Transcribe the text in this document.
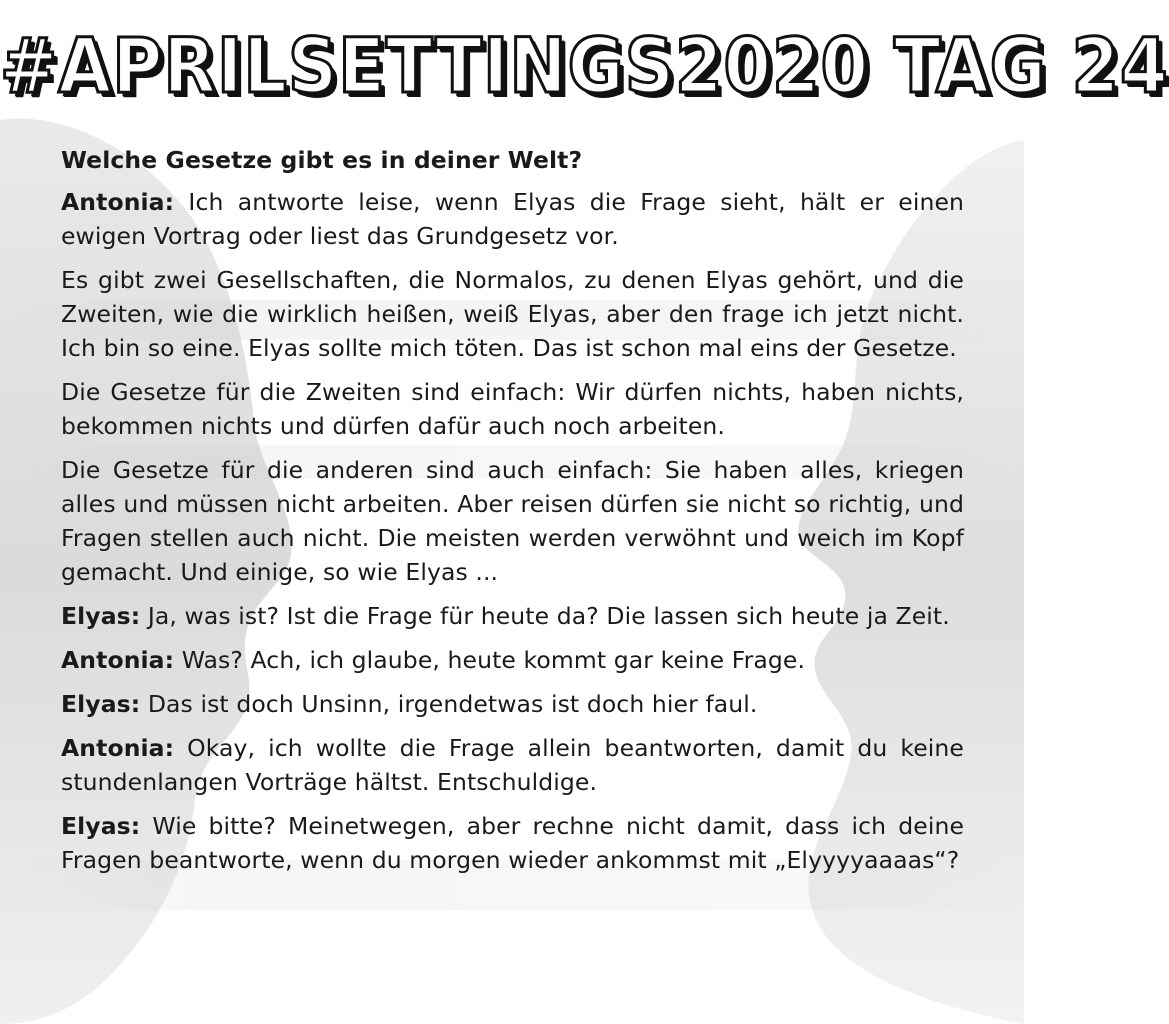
#APRILSETTINGS2020 TAG 24

Welche Gesetze gibt es in deiner Welt?

Antonia: Ich antworte leise, wenn Elyas die Frage sieht, hält er einen ewigen Vortrag oder liest das Grundgesetz vor.

Es gibt zwei Gesellschaften, die Normalos, zu denen Elyas gehört, und die Zweiten, wie die wirklich heißen, weiß Elyas, aber den frage ich jetzt nicht. Ich bin so eine. Elyas sollte mich töten. Das ist schon mal eins der Gesetze.

Die Gesetze für die Zweiten sind einfach: Wir dürfen nichts, haben nichts, bekommen nichts und dürfen dafür auch noch arbeiten.

Die Gesetze für die anderen sind auch einfach: Sie haben alles, kriegen alles und müssen nicht arbeiten. Aber reisen dürfen sie nicht so richtig, und Fragen stellen auch nicht. Die meisten werden verwöhnt und weich im Kopf gemacht. Und einige, so wie Elyas ...

Elyas: Ja, was ist? Ist die Frage für heute da? Die lassen sich heute ja Zeit.

Antonia: Was? Ach, ich glaube, heute kommt gar keine Frage.

Elyas: Das ist doch Unsinn, irgendetwas ist doch hier faul.

Antonia: Okay, ich wollte die Frage allein beantworten, damit du keine stundenlangen Vorträge hältst. Entschuldige.

Elyas: Wie bitte? Meinetwegen, aber rechne nicht damit, dass ich deine Fragen beantworte, wenn du morgen wieder ankommst mit „Elyyyyaaaas“?
